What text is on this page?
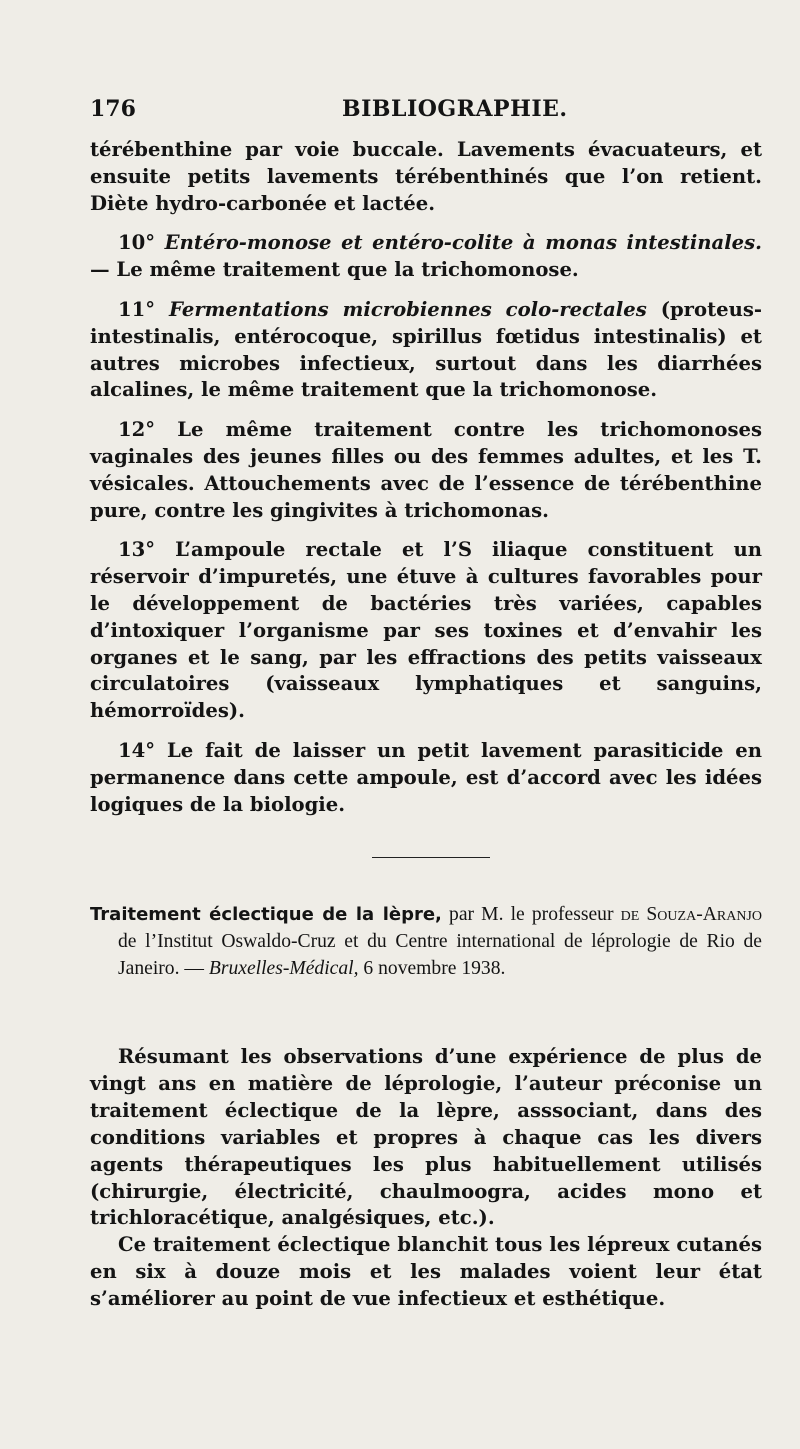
176	BIBLIOGRAPHIE.

térébenthine par voie buccale. Lavements évacuateurs, et ensuite petits lavements térébenthinés que l’on retient. Diète hydro-carbonée et lactée.

10° Entéro-monose et entéro-colite à monas intestinales. — Le même traitement que la trichomonose.

11° Fermentations microbiennes colo-rectales (proteus-intestinalis, entérocoque, spirillus fœtidus intestinalis) et autres microbes infectieux, surtout dans les diarrhées alcalines, le même traitement que la trichomonose.

12° Le même traitement contre les trichomonoses vaginales des jeunes filles ou des femmes adultes, et les T. vésicales. Attouchements avec de l’essence de térébenthine pure, contre les gingivites à trichomonas.

13° L’ampoule rectale et l’S iliaque constituent un réservoir d’impuretés, une étuve à cultures favorables pour le développement de bactéries très variées, capables d’intoxiquer l’organisme par ses toxines et d’envahir les organes et le sang, par les effractions des petits vaisseaux circulatoires (vaisseaux lymphatiques et sanguins, hémorroïdes).

14° Le fait de laisser un petit lavement parasiticide en permanence dans cette ampoule, est d’accord avec les idées logiques de la biologie.

Traitement éclectique de la lèpre, par M. le professeur de Souza-Aranjo de l’Institut Oswaldo-Cruz et du Centre international de léprologie de Rio de Janeiro. — Bruxelles-Médical, 6 novembre 1938.

Résumant les observations d’une expérience de plus de vingt ans en matière de léprologie, l’auteur préconise un traitement éclectique de la lèpre, asssociant, dans des conditions variables et propres à chaque cas les divers agents thérapeutiques les plus habituellement utilisés (chirurgie, électricité, chaulmoogra, acides mono et trichloracétique, analgésiques, etc.).

Ce traitement éclectique blanchit tous les lépreux cutanés en six à douze mois et les malades voient leur état s’améliorer au point de vue infectieux et esthétique.
